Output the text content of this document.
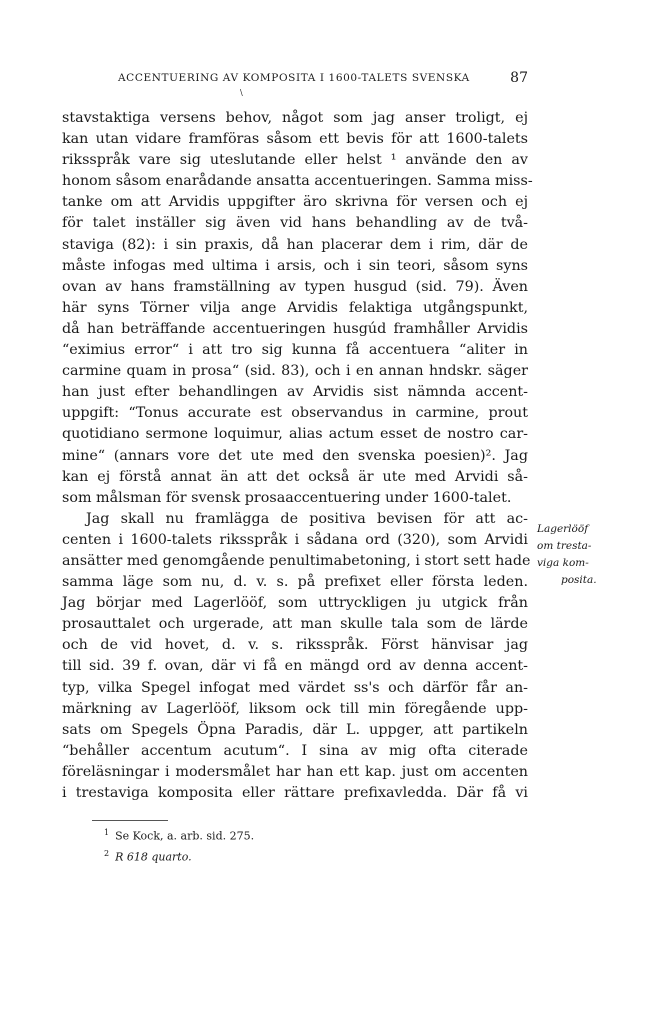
ACCENTUERING AV KOMPOSITA I 1600-TALETS SVENSKA	87
\
stavstaktiga versens behov, något som jag anser troligt, ej
kan utan vidare framföras såsom ett bevis för att 1600-talets
riksspråk vare sig uteslutande eller helst ¹ använde den av
honom såsom enarådande ansatta accentueringen. Samma miss-
tanke om att Arvidis uppgifter äro skrivna för versen och ej
för talet inställer sig även vid hans behandling av de två-
staviga (82): i sin praxis, då han placerar dem i rim, där de
måste infogas med ultima i arsis, och i sin teori, såsom syns
ovan av hans framställning av typen husgud (sid. 79). Även
här syns Törner vilja ange Arvidis felaktiga utgångspunkt,
då han beträffande accentueringen husgúd framhåller Arvidis
“eximius error“ i att tro sig kunna få accentuera “aliter in
carmine quam in prosa“ (sid. 83), och i en annan hndskr. säger
han just efter behandlingen av Arvidis sist nämnda accent-
uppgift: “Tonus accurate est observandus in carmine, prout
quotidiano sermone loquimur, alias actum esset de nostro car-
mine“ (annars vore det ute med den svenska poesien)². Jag
kan ej förstå annat än att det också är ute med Arvidi så-
som målsman för svensk prosaaccentuering under 1600-talet.
Jag skall nu framlägga de positiva bevisen för att ac-
centen i 1600-talets riksspråk i sådana ord (320), som Arvidi
ansätter med genomgående penultimabetoning, i stort sett hade
samma läge som nu, d. v. s. på prefixet eller första leden.
Jag börjar med Lagerlööf, som uttryckligen ju utgick från
prosauttalet och urgerade, att man skulle tala som de lärde
och de vid hovet, d. v. s. riksspråk. Först hänvisar jag
till sid. 39 f. ovan, där vi få en mängd ord av denna accent-
typ, vilka Spegel infogat med värdet ss's och därför får an-
märkning av Lagerlööf, liksom ock till min föregående upp-
sats om Spegels Öpna Paradis, där L. uppger, att partikeln
“behåller accentum acutum“. I sina av mig ofta citerade
föreläsningar i modersmålet har han ett kap. just om accenten
i trestaviga komposita eller rättare prefixavledda. Där få vi
Lagerlööf
om tresta-
viga kom-
posita.
$^1$ Se Kock, a. arb. sid. 275.
$^2$ R 618 quarto.
